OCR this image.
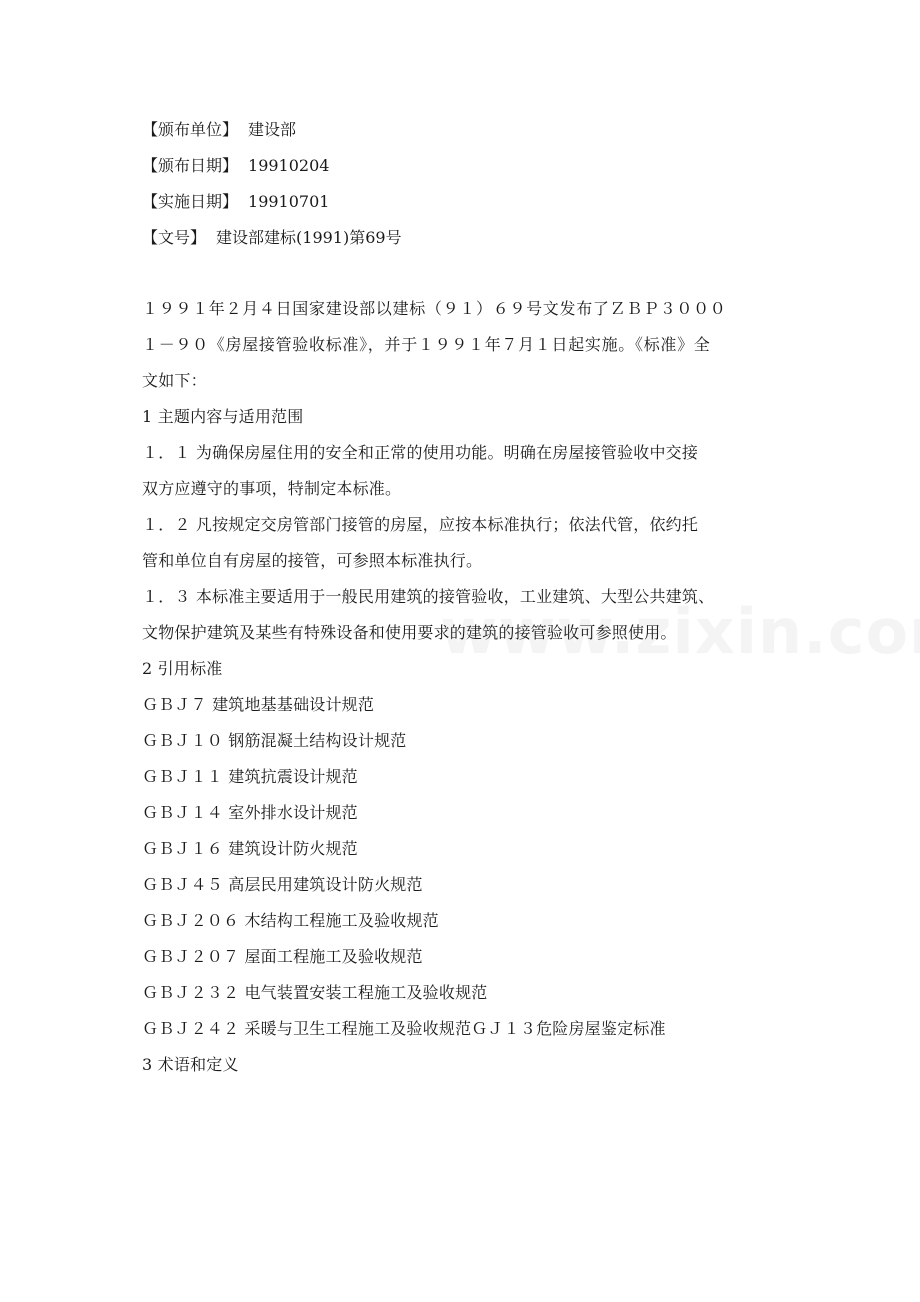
【颁布单位】 建设部
【颁布日期】 19910204
【实施日期】 19910701
【文号】 建设部建标(1991)第69号
１９９１年２月４日国家建设部以建标（９１）６９号文发布了ＺＢＰ３０００
１－９０《房屋接管验收标准》，并于１９９１年７月１日起实施。《标准》全
文如下：
1 主题内容与适用范围
１．１ 为确保房屋住用的安全和正常的使用功能。明确在房屋接管验收中交接
双方应遵守的事项，特制定本标准。
１．２ 凡按规定交房管部门接管的房屋，应按本标准执行；依法代管，依约托
管和单位自有房屋的接管，可参照本标准执行。
１．３ 本标准主要适用于一般民用建筑的接管验收，工业建筑、大型公共建筑、
文物保护建筑及某些有特殊设备和使用要求的建筑的接管验收可参照使用。
2 引用标准
ＧＢＪ７ 建筑地基基础设计规范
ＧＢＪ１０ 钢筋混凝土结构设计规范
ＧＢＪ１１ 建筑抗震设计规范
ＧＢＪ１４ 室外排水设计规范
ＧＢＪ１６ 建筑设计防火规范
ＧＢＪ４５ 高层民用建筑设计防火规范
ＧＢＪ２０６ 木结构工程施工及验收规范
ＧＢＪ２０７ 屋面工程施工及验收规范
ＧＢＪ２３２ 电气装置安装工程施工及验收规范
ＧＢＪ２４２ 采暖与卫生工程施工及验收规范ＧＪ１３危险房屋鉴定标准
3 术语和定义
